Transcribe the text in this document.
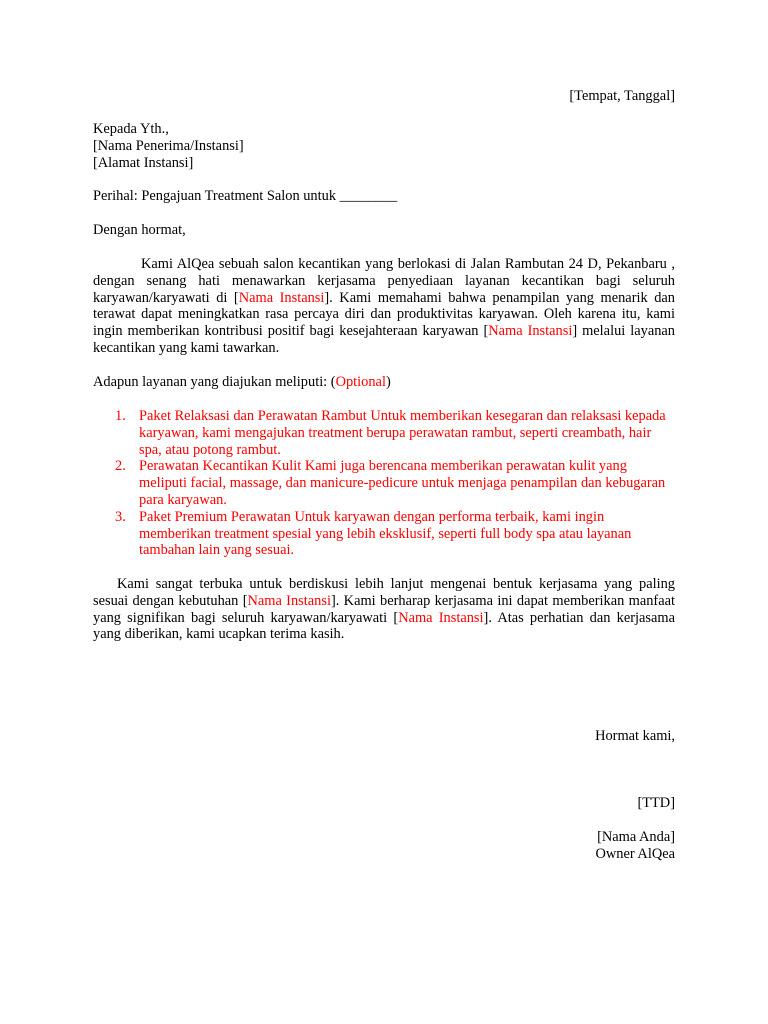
[Tempat, Tanggal]
Kepada Yth.,
[Nama Penerima/Instansi]
[Alamat Instansi]
Perihal: Pengajuan Treatment Salon untuk ________
Dengan hormat,

Kami AlQea sebuah salon kecantikan yang berlokasi di Jalan Rambutan 24 D, Pekanbaru , dengan senang hati menawarkan kerjasama penyediaan layanan kecantikan bagi seluruh karyawan/karyawati di [Nama Instansi]. Kami memahami bahwa penampilan yang menarik dan terawat dapat meningkatkan rasa percaya diri dan produktivitas karyawan. Oleh karena itu, kami ingin memberikan kontribusi positif bagi kesejahteraan karyawan [Nama Instansi] melalui layanan kecantikan yang kami tawarkan.

Adapun layanan yang diajukan meliputi: (Optional)
1. Paket Relaksasi dan Perawatan Rambut Untuk memberikan kesegaran dan relaksasi kepada karyawan, kami mengajukan treatment berupa perawatan rambut, seperti creambath, hair spa, atau potong rambut.
2. Perawatan Kecantikan Kulit Kami juga berencana memberikan perawatan kulit yang meliputi facial, massage, dan manicure-pedicure untuk menjaga penampilan dan kebugaran para karyawan.
3. Paket Premium Perawatan Untuk karyawan dengan performa terbaik, kami ingin memberikan treatment spesial yang lebih eksklusif, seperti full body spa atau layanan tambahan lain yang sesuai.

Kami sangat terbuka untuk berdiskusi lebih lanjut mengenai bentuk kerjasama yang paling sesuai dengan kebutuhan [Nama Instansi]. Kami berharap kerjasama ini dapat memberikan manfaat yang signifikan bagi seluruh karyawan/karyawati [Nama Instansi]. Atas perhatian dan kerjasama yang diberikan, kami ucapkan terima kasih.

Hormat kami,
[TTD]
[Nama Anda]
Owner AlQea
